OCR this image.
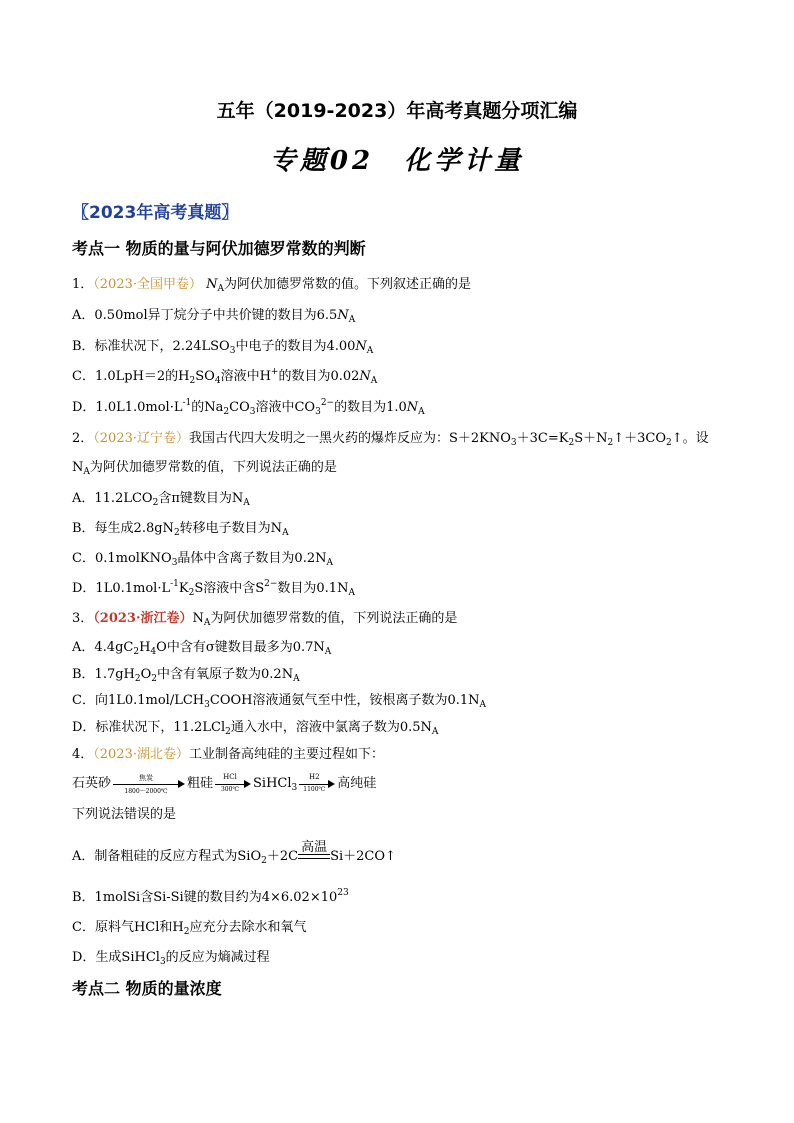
五年（2019-2023）年高考真题分项汇编
专题02　化学计量
〖2023年高考真题〗
考点一 物质的量与阿伏加德罗常数的判断
1．（2023·全国甲卷） $N_A$为阿伏加德罗常数的值。下列叙述正确的是
A．0.50mol异丁烷分子中共价键的数目为$6.5N_A$
B．标准状况下，$2.24LSO_3$中电子的数目为$4.00N_A$
C．1.0LpH＝2的$H_2SO_4$溶液中H+的数目为$0.02N_A$
D．$1.0L1.0mol\cdot L^{-1}$的$Na_2CO_3$溶液中$CO_3^{2-}$的数目为$1.0N_A$
2．（2023·辽宁卷）我国古代四大发明之一黑火药的爆炸反应为：$S+2KNO_3+3C=K_2S+N_2↑+3CO_2↑$。设
$N_A$为阿伏加德罗常数的值，下列说法正确的是
A．$11.2LCO_2$含π键数目为$N_A$
B．每生成$2.8gN_2$转移电子数目为$N_A$
C．0.1molKNO$_3$晶体中含离子数目为$0.2N_A$
D．$1L0.1mol\cdot L^{-1}K_2S$溶液中含$S^{2-}$数目为$0.1N_A$
3．（2023·浙江卷）$N_A$为阿伏加德罗常数的值，下列说法正确的是
A．$4.4gC_2H_4O$中含有σ键数目最多为$0.7N_A$
B．$1.7gH_2O_2$中含有氧原子数为$0.2N_A$
C．向$1L0.1mol/LCH_3COOH$溶液通氨气至中性，铵根离子数为$0.1N_A$
D．标准状况下，11.2LCl$_2$通入水中，溶液中氯离子数为$0.5N_A$
4．（2023·湖北卷）工业制备高纯硅的主要过程如下：
石英砂	焦炭
1800～2000℃	粗硅	HCl
300℃	SiHCl$_3$ $\frac{H2}{1100℃}$ 高纯硅
下列说法错误的是
A．制备粗硅的反应方程式为SiO$_2$＋2C
高温
Si＋2CO↑
B．1molSi含Si-Si键的数目约为$4\times 6.02\times 10^{23}$
C．原料气HCl和$H_2$应充分去除水和氧气
D．生成SiHCl$_3$的反应为熵减过程
考点二 物质的量浓度
